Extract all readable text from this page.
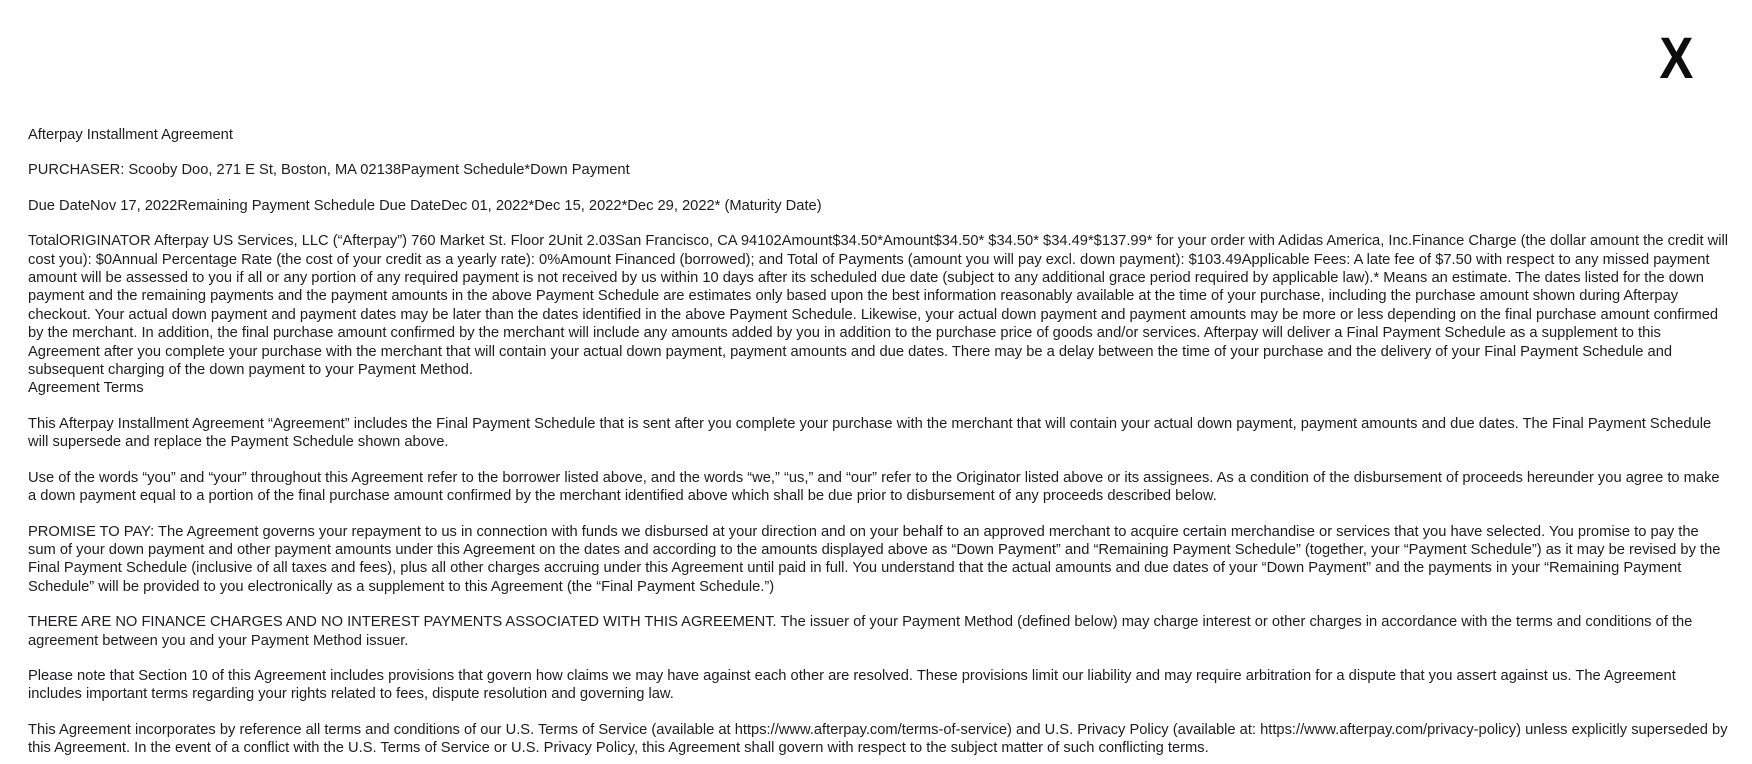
X

Afterpay Installment Agreement

PURCHASER: Scooby Doo, 271 E St, Boston, MA 02138Payment Schedule*Down Payment

Due DateNov 17, 2022Remaining Payment Schedule Due DateDec 01, 2022*Dec 15, 2022*Dec 29, 2022* (Maturity Date)

TotalORIGINATOR Afterpay US Services, LLC (“Afterpay”) 760 Market St. Floor 2Unit 2.03San Francisco, CA 94102Amount$34.50*Amount$34.50* $34.50* $34.49*$137.99* for your order with Adidas America, Inc.Finance Charge (the dollar amount the credit will cost you): $0Annual Percentage Rate (the cost of your credit as a yearly rate): 0%Amount Financed (borrowed); and Total of Payments (amount you will pay excl. down payment): $103.49Applicable Fees: A late fee of $7.50 with respect to any missed payment amount will be assessed to you if all or any portion of any required payment is not received by us within 10 days after its scheduled due date (subject to any additional grace period required by applicable law).* Means an estimate. The dates listed for the down payment and the remaining payments and the payment amounts in the above Payment Schedule are estimates only based upon the best information reasonably available at the time of your purchase, including the purchase amount shown during Afterpay checkout. Your actual down payment and payment dates may be later than the dates identified in the above Payment Schedule. Likewise, your actual down payment and payment amounts may be more or less depending on the final purchase amount confirmed by the merchant. In addition, the final purchase amount confirmed by the merchant will include any amounts added by you in addition to the purchase price of goods and/or services. Afterpay will deliver a Final Payment Schedule as a supplement to this Agreement after you complete your purchase with the merchant that will contain your actual down payment, payment amounts and due dates. There may be a delay between the time of your purchase and the delivery of your Final Payment Schedule and subsequent charging of the down payment to your Payment Method.

Agreement Terms

This Afterpay Installment Agreement “Agreement” includes the Final Payment Schedule that is sent after you complete your purchase with the merchant that will contain your actual down payment, payment amounts and due dates. The Final Payment Schedule will supersede and replace the Payment Schedule shown above.

Use of the words “you” and “your” throughout this Agreement refer to the borrower listed above, and the words “we,” “us,” and “our” refer to the Originator listed above or its assignees. As a condition of the disbursement of proceeds hereunder you agree to make a down payment equal to a portion of the final purchase amount confirmed by the merchant identified above which shall be due prior to disbursement of any proceeds described below.

PROMISE TO PAY: The Agreement governs your repayment to us in connection with funds we disbursed at your direction and on your behalf to an approved merchant to acquire certain merchandise or services that you have selected. You promise to pay the sum of your down payment and other payment amounts under this Agreement on the dates and according to the amounts displayed above as “Down Payment” and “Remaining Payment Schedule” (together, your “Payment Schedule”) as it may be revised by the Final Payment Schedule (inclusive of all taxes and fees), plus all other charges accruing under this Agreement until paid in full. You understand that the actual amounts and due dates of your “Down Payment” and the payments in your “Remaining Payment Schedule” will be provided to you electronically as a supplement to this Agreement (the “Final Payment Schedule.”)

THERE ARE NO FINANCE CHARGES AND NO INTEREST PAYMENTS ASSOCIATED WITH THIS AGREEMENT. The issuer of your Payment Method (defined below) may charge interest or other charges in accordance with the terms and conditions of the agreement between you and your Payment Method issuer.

Please note that Section 10 of this Agreement includes provisions that govern how claims we may have against each other are resolved. These provisions limit our liability and may require arbitration for a dispute that you assert against us. The Agreement includes important terms regarding your rights related to fees, dispute resolution and governing law.

This Agreement incorporates by reference all terms and conditions of our U.S. Terms of Service (available at https://www.afterpay.com/terms-of-service) and U.S. Privacy Policy (available at: https://www.afterpay.com/privacy-policy) unless explicitly superseded by this Agreement. In the event of a conflict with the U.S. Terms of Service or U.S. Privacy Policy, this Agreement shall govern with respect to the subject matter of such conflicting terms.
